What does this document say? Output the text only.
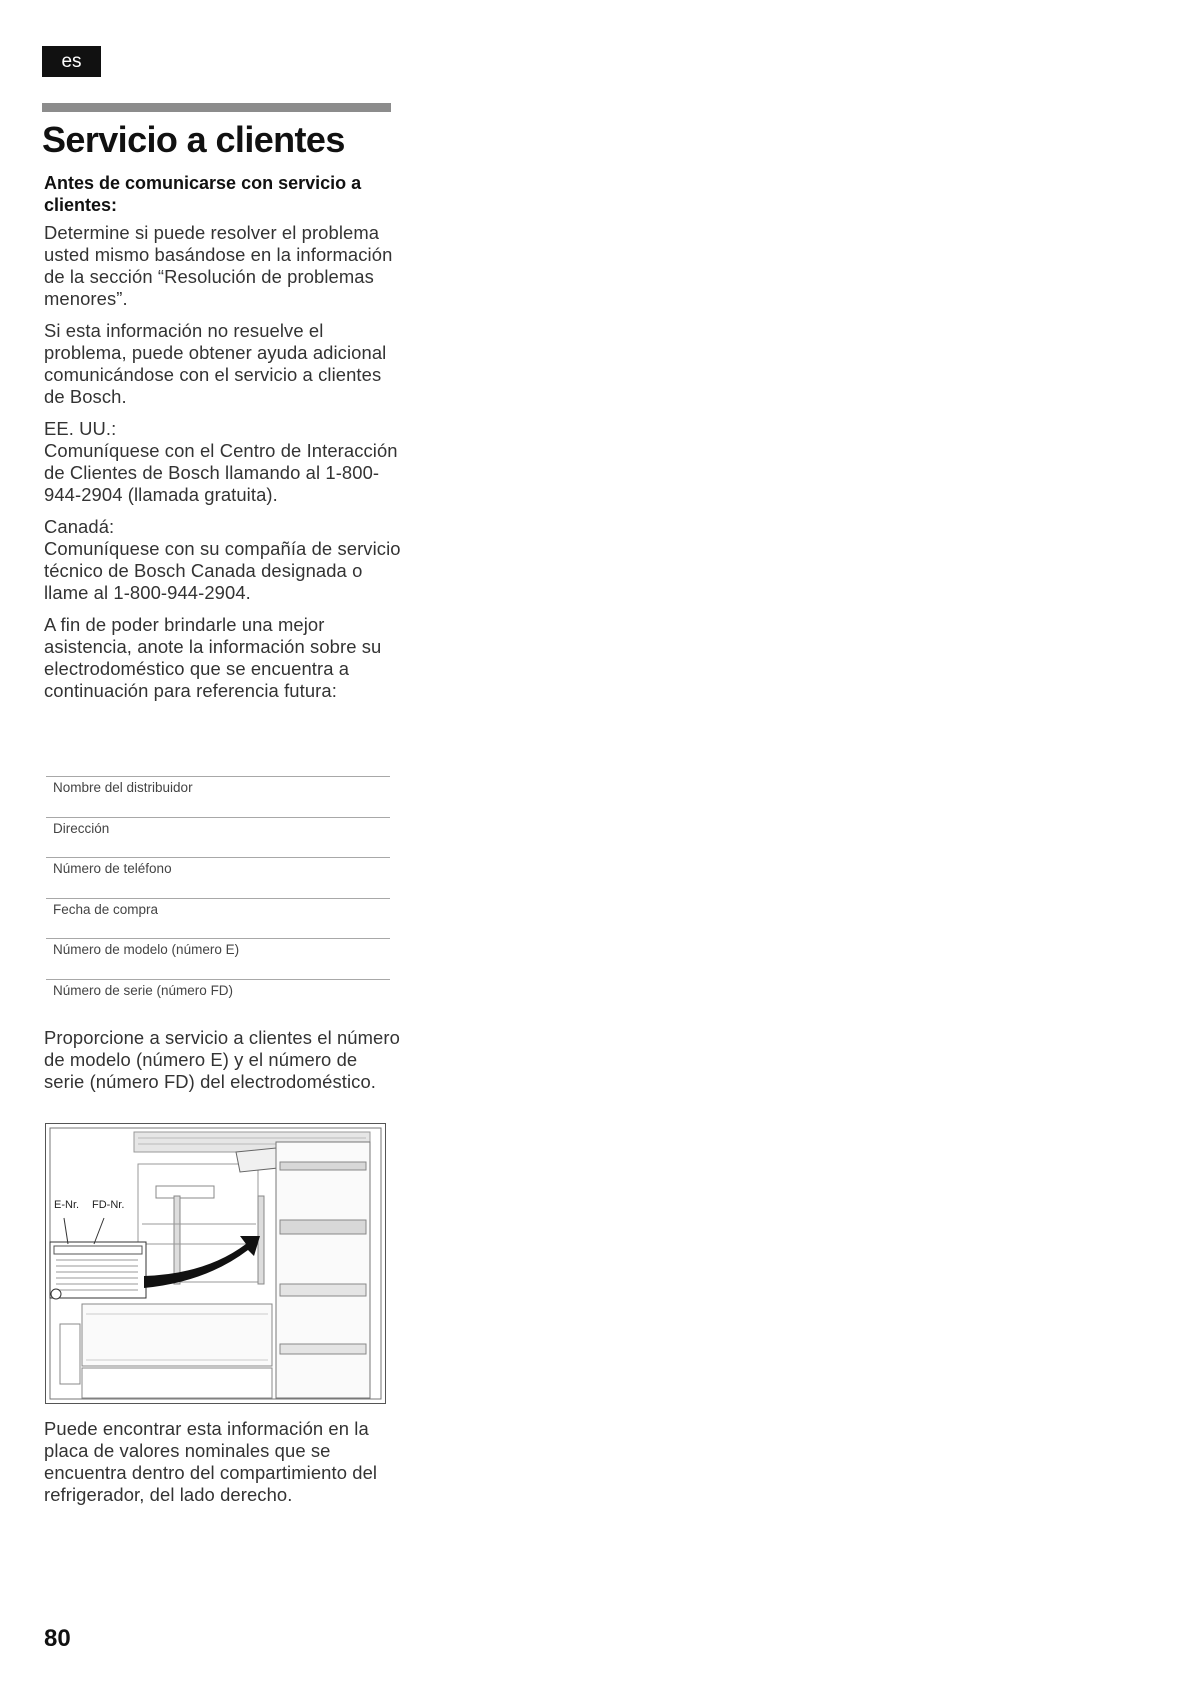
es
Servicio a clientes
Antes de comunicarse con servicio a clientes:

Determine si puede resolver el problema usted mismo basándose en la información de la sección “Resolución de problemas menores”.

Si esta información no resuelve el problema, puede obtener ayuda adicional comunicándose con el servicio a clientes de Bosch.

EE. UU.:
Comuníquese con el Centro de Interacción de Clientes de Bosch llamando al 1-800-944-2904 (llamada gratuita).

Canadá:
Comuníquese con su compañía de servicio técnico de Bosch Canada designada o llame al 1-800-944-2904.

A fin de poder brindarle una mejor asistencia, anote la información sobre su electrodoméstico que se encuentra a continuación para referencia futura:

Nombre del distribuidor
Dirección
Número de teléfono
Fecha de compra
Número de modelo (número E)
Número de serie (número FD)

Proporcione a servicio a clientes el número de modelo (número E) y el número de serie (número FD) del electrodoméstico.

E-Nr. FD-Nr.

Puede encontrar esta información en la placa de valores nominales que se encuentra dentro del compartimiento del refrigerador, del lado derecho.

80
